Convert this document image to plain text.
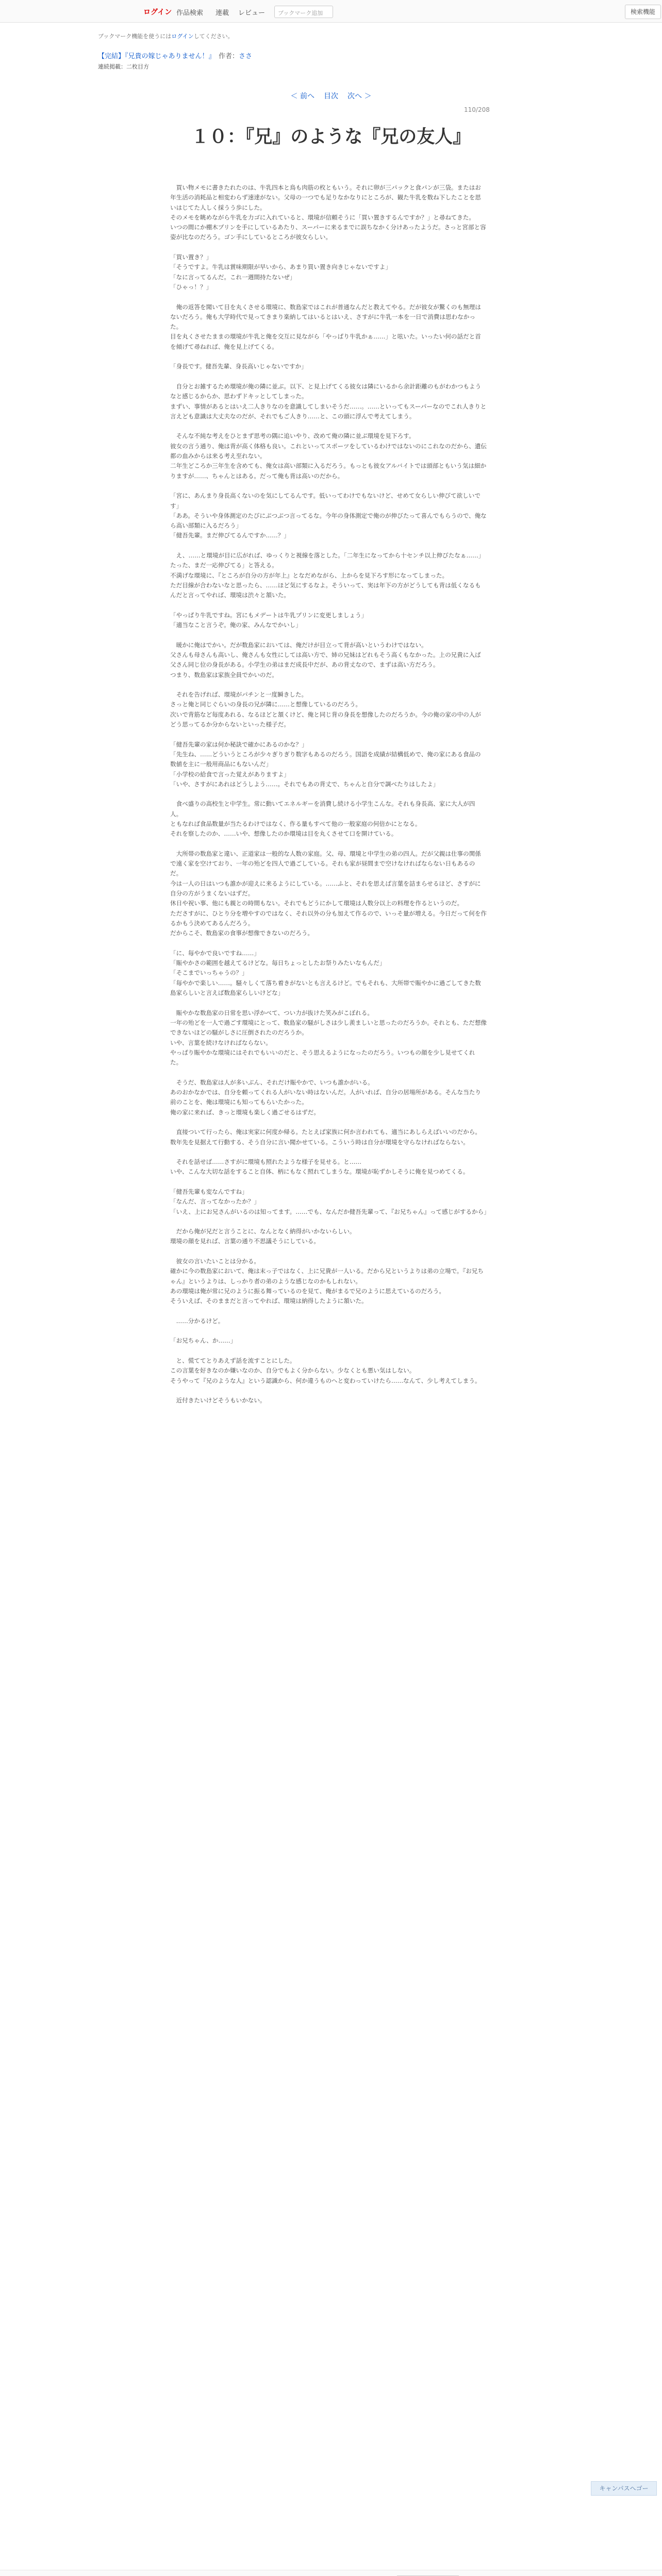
ログイン 作品検索 連載 レビュー	ブックマーク追加	検索機能
ブックマーク機能を使うにはログインしてください。
【完結】『兄貴の嫁じゃありません！』　 作者：ささ
連続掲載：二枚目方
＜ 前へ 目次 次へ ＞
110/208
１０：『兄』のような『兄の友人』

　買い物メモに書きたれたのは、牛乳四本と鳥も肉筋の枚ともいう。それに卵が三パックと食パンが三袋。またはお年生活の消耗品と相変わらず速達がない。父母の一つでも足りなかなりにところが、観た牛乳を数ね下したことを思いはじてた人しく採うう歩にした。
そのメモを眺めながら牛乳を力ゴに入れていると、環境が信頼そうに「買い置きするんですか？」と尋ねてきた。
いつの間にか棚木プリンを手にしているあたり、スーパーに来るまでに誤ちなかく分けあったようだ。さっと宮部と容姿が比なのだろう。ゴン手にしているところが彼女らしい。

「買い置き？」
「そうですよ。牛乳は賞味期限が早いから、あまり買い置き向きじゃないですよ」
「なに言ってるんだ。これ一週間持たないぜ」
「ひゃっ！？」

　俺の返答を聞いて目を丸くさせる環境に、数島家ではこれが普通なんだと教えてやる。だが彼女が驚くのも無理はないだろう。俺も大学時代で見ってきまり楽納してはいるとはいえ、さすがに牛乳一本を一日で消費は思わなかった。
目を丸くさせたままの環境が牛乳と俺を交互に見ながら「やっぱり牛乳かぁ……」と呟いた。いったい何の話だと首を傾げて尋ねれば、俺を見上げてくる。

「身長です。健吾先輩、身長高いじゃないですか」

　自分とお雑するため環境が俺の隣に並ぶ。以下、と見上げてくる彼女は隣にいるから余計距離のもがわかつもようなと感じるからか、思わずドキッとしてしまった。
まずい、事情があるとはいえ二人きりなのを意識してしまいそうだ……。……といってもスーパーなのでこれ人きりと言えども意識は大丈夫なのだが、それでもご人きり……と、この頭に浮んで考えてしまう。

　そんな不純な考えをひとまず思考の隅に追いやり、改めて俺の隣に並ぶ環境を見下ろす。
彼女の言う通り、俺は背が高く体格も良い。これといってスポーツをしているわけではないのにこれなのだから、遺伝都の血みからは来る考え至れない。
二年生どころか三年生を含めても、俺女は高い部類に入るだろう。もっとも彼女アルバイトでは頭部ともいう気は細かりますが……、ちゃんとはある。だって俺も背は高いのだから。

「宮に、あんまり身長高くないのを気にしてるんです。低いってわけでもないけど、せめて女らしい伸びて欲しいです」
「ああ。そういや身体測定のたびにぶつぶつ言ってるな。今年の身体測定で俺のが伸びたって喜んでもらうので、俺なら高い部類に入るだろう」
「健吾先輩。まだ伸びてるんですか……？」

　え、……と環境が目に広がれば、ゆっくりと視線を落とした。「二年生になってから十センチ以上伸びたなぁ……」たった、まだ一応伸びてる」と答える。
不満げな環境に、『ところが自分の方が年上』となだめながら、上からを見下ろす形になってしまった。
ただ目線が合わないなと思ったら、……ほど気にするなよ。そういって、実は年下の方がどうしても背は低くなるもんだと言ってやれば、環境は渋々と頷いた。

「やっぱり牛乳ですね。宮にもメデートは牛乳プリンに変更しましょう」
「適当なこと言うぞ。俺の家、みんなでかいし」

　暖かに俺はでかい。だが数島家においては、俺だけが目立って背が高いというわけではない。
父さんも母さんも高いし、俺さんも女性にしては高い方で、姉の兄妹はどれもそう高くもなかった。上の兄貴に入ば父さん同じ位の身長がある。小学生の弟はまだ成長中だが、あの背丈なので、まずは高い方だろう。
つまり、数島家は家族全員でかいのだ。

　それを告げれば、環境がパチンと一度瞬きした。
さっと俺と同じぐらいの身長の兄が隣に……と想像しているのだろう。
次いで背筋など毎度あれる、なるほどと頷くけど、俺と同じ背の身長を想像したのだろうか。今の俺の家の中の人がどう思ってるか分からないといった様子だ。

「健吾先輩の家は何か秘訣で確かにあるのかな？」
「先生ね、……どういうところが少々ぎりぎり数字もあるのだろう。国語を成績が結構低めで、俺の家にある食品の数値を主に一般用商品にもないんだ」
「小学校の給食で言った覚えがありますよ」
「いや、さすがにあれはどうしよう……。それでもあの背丈で、ちゃんと自分で調べたりはしたよ」

　食べ盛りの高校生と中学生。常に動いてエネルギーを消費し続ける小学生こんな。それも身長高、家に大人が四人。
ともなれば食品数量が当たるわけではなく、作る量もすべて他の一般家庭の何倍かにとなる。
それを察したのか、……いや、想像したのか環境は目を丸くさせて口を開けている。

　大所帯の数島家と違い、正道家は一般的な人数の家庭。父、母、環境と中学生の弟の四人。だが父親は仕事の関係で遠く家を空けており、一年の殆どを四人で過ごしている。それも家が昼間まで空けなければならない日もあるのだ。
今は一人の日はいつも誰かが迎えに来るようにしている。……ふと、それを思えば言葉を詰まらせるほど、さすがに自分の方がうまくないはずだ。
休日や祝い事、他にも親との時間もない。それでもどうにかして環境は人数分以上の料理を作るというのだ。
たださすがに、ひとり分を増やすのではなく、それ以外の分も加えて作るので、いっそ量が増える。今日だって何を作るかもう決めてあるんだろう。
だからこそ、数島家の食事が想像できないのだろう。

「に、毎やかで良いですね……」
「賑やかさの範囲を越えてるけどな。毎日ちょっとしたお祭りみたいなもんだ」
「そこまでいっちゃうの？」
「毎やかで楽しい……。騒々しくて落ち着きがないとも言えるけど。でもそれも、大所帯で賑やかに過ごしてきた数島家らしいと言えば数島家らしいけどな」

　賑やかな数島家の日常を思い浮かべて、つい力が抜けた笑みがこぼれる。
一年の殆どを一人で過ごす環境にとって、数島家の騒がしさは少し羨ましいと思ったのだろうか。それとも、ただ想像できないほどの騒がしさに圧倒されたのだろうか。
いや、言葉を続けなければならない。
やっぱり賑やかな環境にはそれでもいいのだと、そう思えるようになったのだろう。いつもの顔を少し見せてくれた。

　そうだ、数島家は人が多いぶん、それだけ賑やかで、いつも誰かがいる。
あのおかなかでは、自分を頼ってくれる人がいない時はないんだ。人がいれば、自分の居場所がある。そんな当たり前のことを、俺は環境にも知ってもらいたかった。
俺の家に来れば、きっと環境も楽しく過ごせるはずだ。

　直接ついて行ったら、俺は実家に何度か帰る。たとえば家族に何か言われても、適当にあしらえばいいのだから。
数年先を見据えて行動する、そう自分に言い聞かせている。こういう時は自分が環境を守らなければならない。

　それを話せば……さすがに環境も照れたような様子を見せる。と……
いや、こんな大切な話をすること自体、柄にもなく照れてしまうな。環境が恥ずかしそうに俺を見つめてくる。

「健吾先輩も変なんですね」
「なんだ、言ってなかったか？」
「いえ、上にお兄さんがいるのは知ってます。……でも、なんだか健吾先輩って、『お兄ちゃん』って感じがするから」

　だから俺が兄だと言うことに、なんとなく納得がいかないらしい。
環境の顔を見れば、言葉の通り不思議そうにしている。

　彼女の言いたいことは分かる。
確かに今の数島家において、俺は末っ子ではなく、上に兄貴が一人いる。だから兄というよりは弟の立場で。『お兄ちゃん』というよりは、しっかり者の弟のような感じなのかもしれない。
あの環境は俺が常に兄のように振る舞っているのを見て、俺がまるで兄のように思えているのだろう。
そういえば、そのままだと言ってやれば、環境は納得したように頷いた。

　……分かるけど。

「お兄ちゃん、か……」

　と、慌ててとりあえず話を流すことにした。
この言葉を好きなのか嫌いなのか、自分でもよく分からない。少なくとも悪い気はしない。
そうやって『兄のような人』という認識から、何か違うものへと変わっていけたら……なんて、少し考えてしまう。

　近付きたいけどそうもいかない。

キャンパスへゴー
